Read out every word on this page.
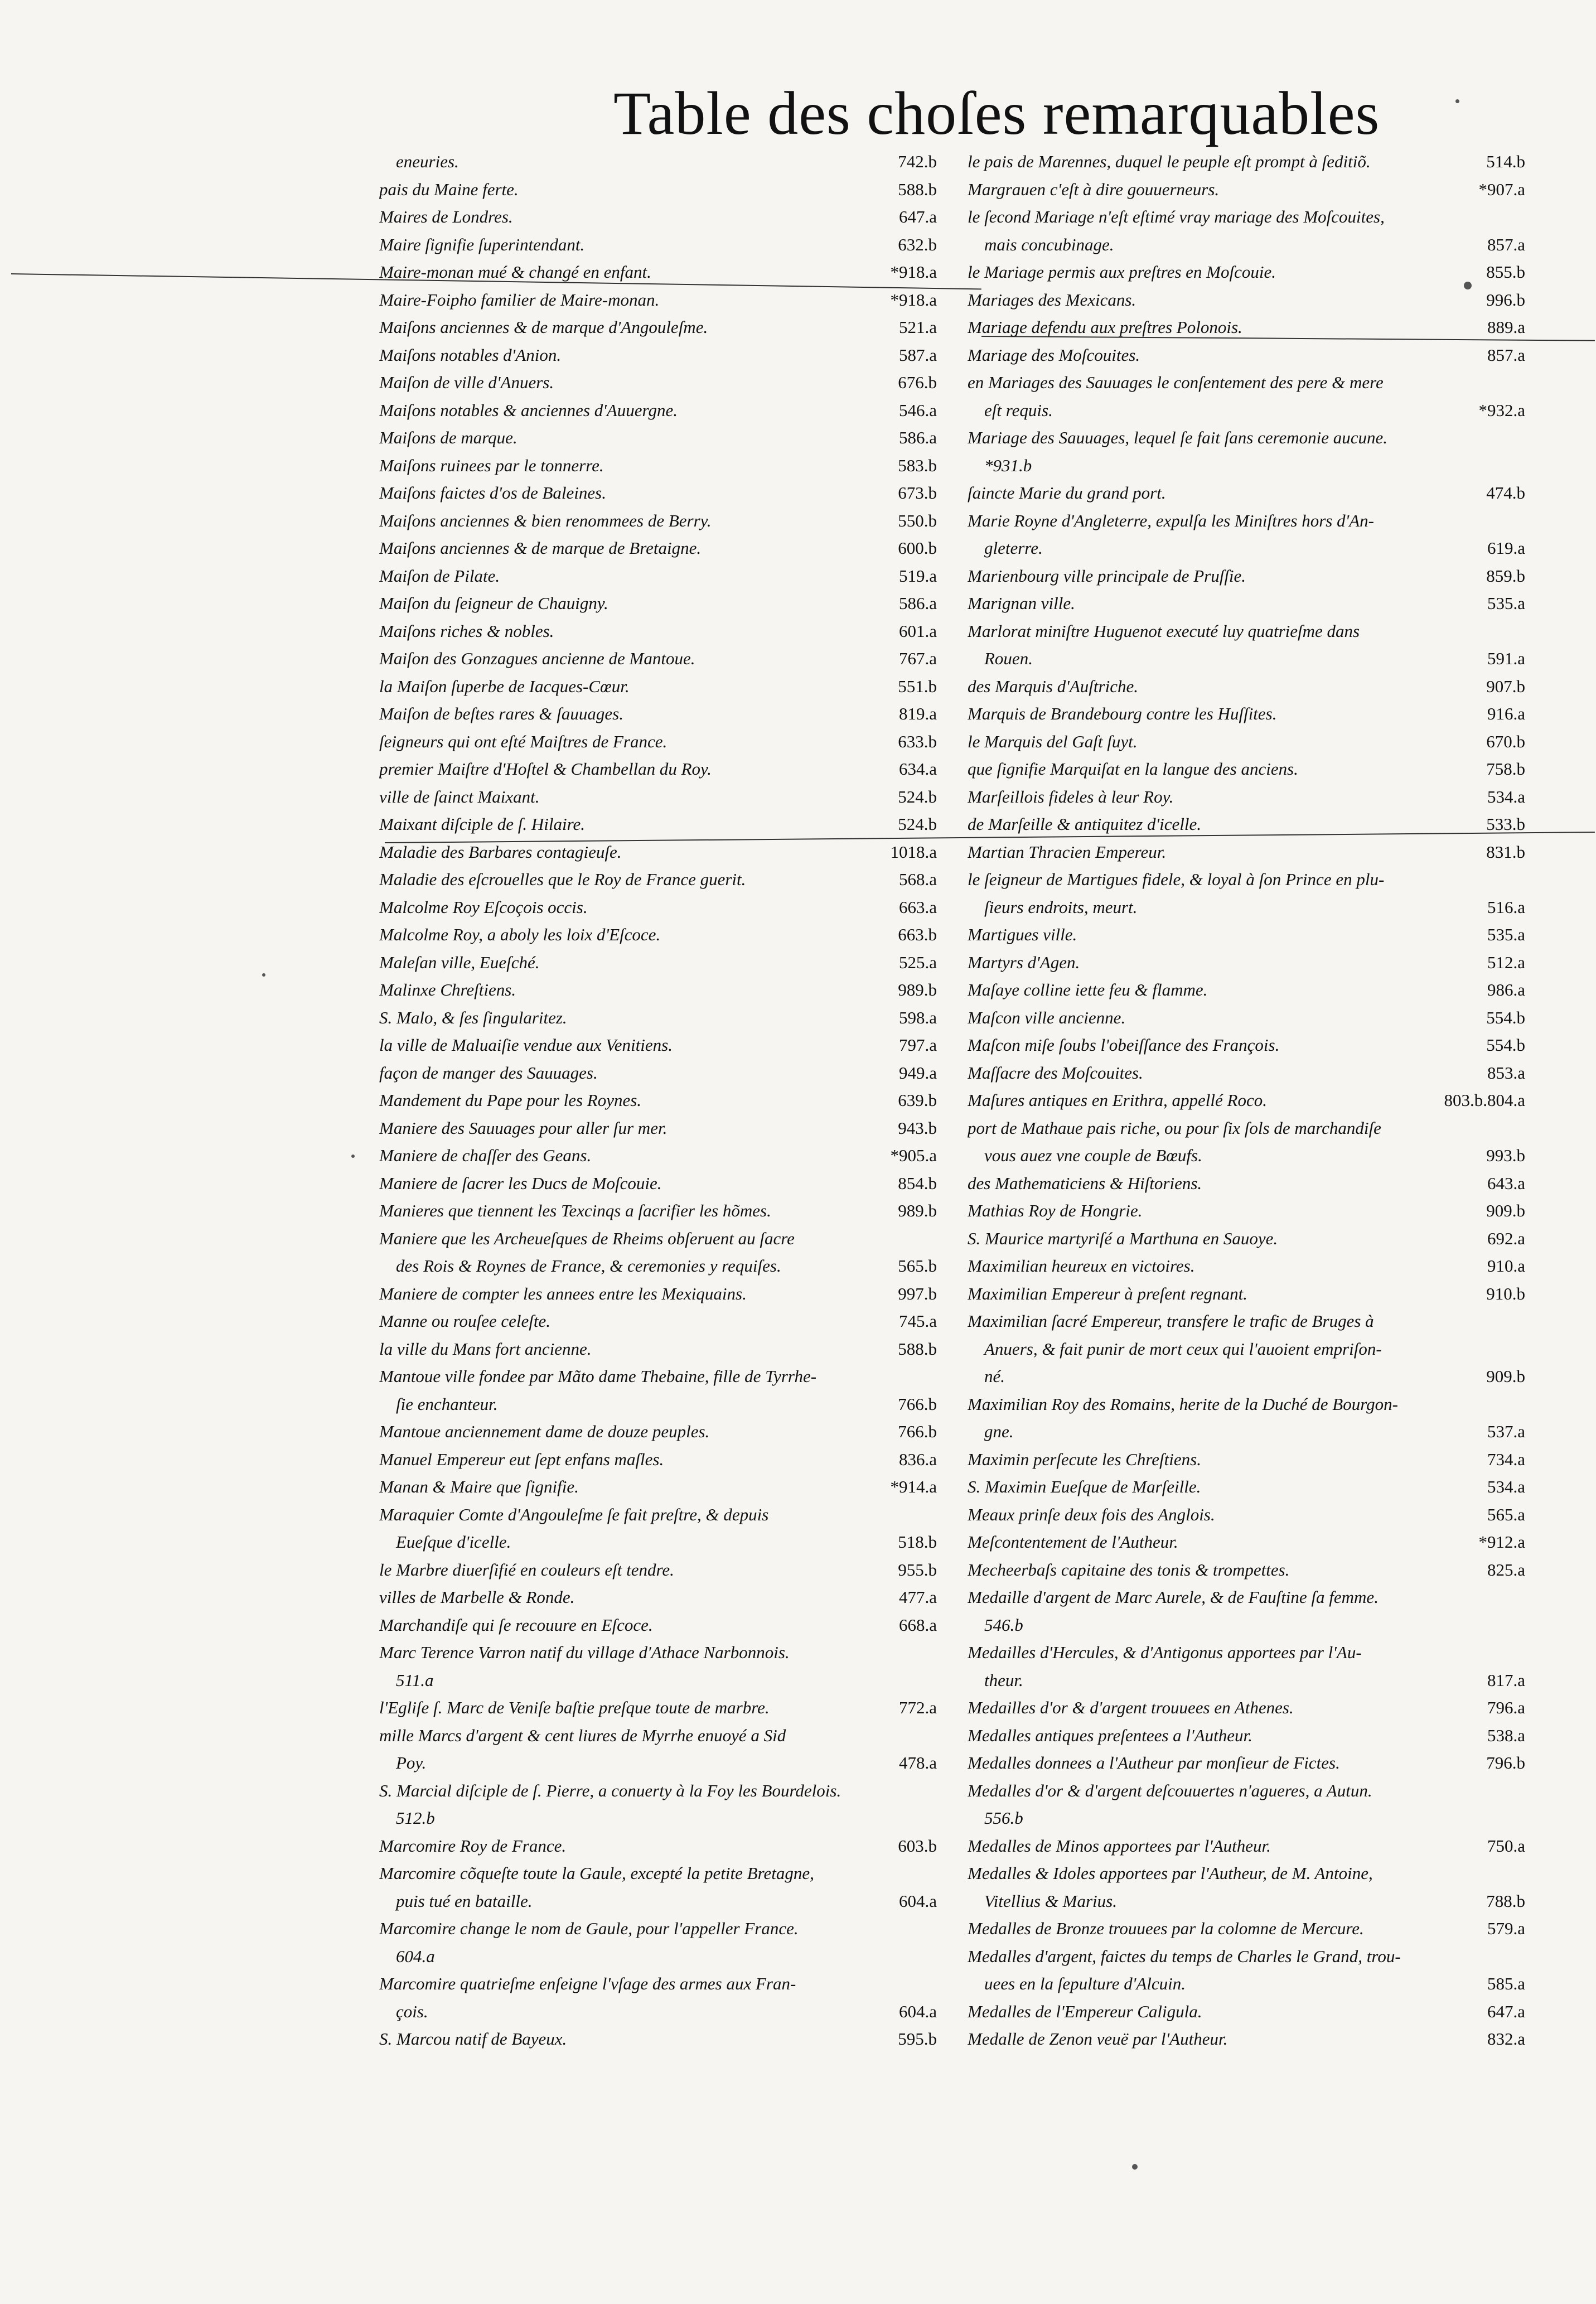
Table des choſes remarquables
eneuries.	742.b
pais du Maine ferte.	588.b
Maires de Londres.	647.a
Maire ſignifie ſuperintendant.	632.b
Maire-monan mué & changé en enfant.	*918.a
Maire-Foipho familier de Maire-monan.	*918.a
Maiſons anciennes & de marque d'Angouleſme.	521.a
Maiſons notables d'Anion.	587.a
Maiſon de ville d'Anuers.	676.b
Maiſons notables & anciennes d'Auuergne.	546.a
Maiſons de marque.	586.a
Maiſons ruinees par le tonnerre.	583.b
Maiſons faictes d'os de Baleines.	673.b
Maiſons anciennes & bien renommees de Berry.	550.b
Maiſons anciennes & de marque de Bretaigne.	600.b
Maiſon de Pilate.	519.a
Maiſon du ſeigneur de Chauigny.	586.a
Maiſons riches & nobles.	601.a
Maiſon des Gonzagues ancienne de Mantoue.	767.a
la Maiſon ſuperbe de Iacques-Cœur.	551.b
Maiſon de beſtes rares & ſauuages.	819.a
ſeigneurs qui ont eſté Maiſtres de France.	633.b
premier Maiſtre d'Hoſtel & Chambellan du Roy.	634.a
ville de ſainct Maixant.	524.b
Maixant diſciple de ſ. Hilaire.	524.b
Maladie des Barbares contagieuſe.	1018.a
Maladie des eſcrouelles que le Roy de France guerit.	568.a
Malcolme Roy Eſcoçois occis.	663.a
Malcolme Roy, a aboly les loix d'Eſcoce.	663.b
Maleſan ville, Eueſché.	525.a
Malinxe Chreſtiens.	989.b
S. Malo, & ſes ſingularitez.	598.a
la ville de Maluaiſie vendue aux Venitiens.	797.a
façon de manger des Sauuages.	949.a
Mandement du Pape pour les Roynes.	639.b
Maniere des Sauuages pour aller ſur mer.	943.b
Maniere de chaſſer des Geans.	*905.a
Maniere de ſacrer les Ducs de Moſcouie.	854.b
Manieres que tiennent les Texcinqs a ſacrifier les hõmes.	989.b
Maniere que les Archeueſques de Rheims obſeruent au ſacre
des Rois & Roynes de France, & ceremonies y requiſes.	565.b
Maniere de compter les annees entre les Mexiquains.	997.b
Manne ou rouſee celeſte.	745.a
la ville du Mans fort ancienne.	588.b
Mantoue ville fondee par Mãto dame Thebaine, fille de Tyrrhe-
ſie enchanteur.	766.b
Mantoue anciennement dame de douze peuples.	766.b
Manuel Empereur eut ſept enfans maſles.	836.a
Manan & Maire que ſignifie.	*914.a
Maraquier Comte d'Angouleſme ſe fait preſtre, & depuis
Eueſque d'icelle.	518.b
le Marbre diuerſifié en couleurs eſt tendre.	955.b
villes de Marbelle & Ronde.	477.a
Marchandiſe qui ſe recouure en Eſcoce.	668.a
Marc Terence Varron natif du village d'Athace Narbonnois.
511.a
l'Egliſe ſ. Marc de Veniſe baſtie preſque toute de marbre.	772.a
mille Marcs d'argent & cent liures de Myrrhe enuoyé a Sid
Poy.	478.a
S. Marcial diſciple de ſ. Pierre, a conuerty à la Foy les Bourdelois.
512.b
Marcomire Roy de France.	603.b
Marcomire cõqueſte toute la Gaule, excepté la petite Bretagne,
puis tué en bataille.	604.a
Marcomire change le nom de Gaule, pour l'appeller France.
604.a
Marcomire quatrieſme enſeigne l'vſage des armes aux Fran-
çois.	604.a
S. Marcou natif de Bayeux.	595.b
le pais de Marennes, duquel le peuple eſt prompt à ſeditiõ.	514.b
Margrauen c'eſt à dire gouuerneurs.	*907.a
le ſecond Mariage n'eſt eſtimé vray mariage des Moſcouites,
mais concubinage.	857.a
le Mariage permis aux preſtres en Moſcouie.	855.b
Mariages des Mexicans.	996.b
Mariage defendu aux preſtres Polonois.	889.a
Mariage des Moſcouites.	857.a
en Mariages des Sauuages le conſentement des pere & mere
eſt requis.	*932.a
Mariage des Sauuages, lequel ſe fait ſans ceremonie aucune.
*931.b
ſaincte Marie du grand port.	474.b
Marie Royne d'Angleterre, expulſa les Miniſtres hors d'An-
gleterre.	619.a
Marienbourg ville principale de Pruſſie.	859.b
Marignan ville.	535.a
Marlorat miniſtre Huguenot executé luy quatrieſme dans
Rouen.	591.a
des Marquis d'Auſtriche.	907.b
Marquis de Brandebourg contre les Huſſites.	916.a
le Marquis del Gaſt ſuyt.	670.b
que ſignifie Marquiſat en la langue des anciens.	758.b
Marſeillois fideles à leur Roy.	534.a
de Marſeille & antiquitez d'icelle.	533.b
Martian Thracien Empereur.	831.b
le ſeigneur de Martigues fidele, & loyal à ſon Prince en plu-
ſieurs endroits, meurt.	516.a
Martigues ville.	535.a
Martyrs d'Agen.	512.a
Maſaye colline iette feu & flamme.	986.a
Maſcon ville ancienne.	554.b
Maſcon miſe ſoubs l'obeiſſance des François.	554.b
Maſſacre des Moſcouites.	853.a
Maſures antiques en Erithra, appellé Roco.	803.b.804.a
port de Mathaue pais riche, ou pour ſix ſols de marchandiſe
vous auez vne couple de Bœufs.	993.b
des Mathematiciens & Hiſtoriens.	643.a
Mathias Roy de Hongrie.	909.b
S. Maurice martyriſé a Marthuna en Sauoye.	692.a
Maximilian heureux en victoires.	910.a
Maximilian Empereur à preſent regnant.	910.b
Maximilian ſacré Empereur, transfere le trafic de Bruges à
Anuers, & fait punir de mort ceux qui l'auoient empriſon-
né.	909.b
Maximilian Roy des Romains, herite de la Duché de Bourgon-
gne.	537.a
Maximin perſecute les Chreſtiens.	734.a
S. Maximin Eueſque de Marſeille.	534.a
Meaux prinſe deux fois des Anglois.	565.a
Meſcontentement de l'Autheur.	*912.a
Mecheerbaſs capitaine des tonis & trompettes.	825.a
Medaille d'argent de Marc Aurele, & de Fauſtine ſa femme.
546.b
Medailles d'Hercules, & d'Antigonus apportees par l'Au-
theur.	817.a
Medailles d'or & d'argent trouuees en Athenes.	796.a
Medalles antiques preſentees a l'Autheur.	538.a
Medalles donnees a l'Autheur par monſieur de Fictes.	796.b
Medalles d'or & d'argent deſcouuertes n'agueres, a Autun.
556.b
Medalles de Minos apportees par l'Autheur.	750.a
Medalles & Idoles apportees par l'Autheur, de M. Antoine,
Vitellius & Marius.	788.b
Medalles de Bronze trouuees par la colomne de Mercure.	579.a
Medalles d'argent, faictes du temps de Charles le Grand, trou-
uees en la ſepulture d'Alcuin.	585.a
Medalles de l'Empereur Caligula.	647.a
Medalle de Zenon veuë par l'Autheur.	832.a
